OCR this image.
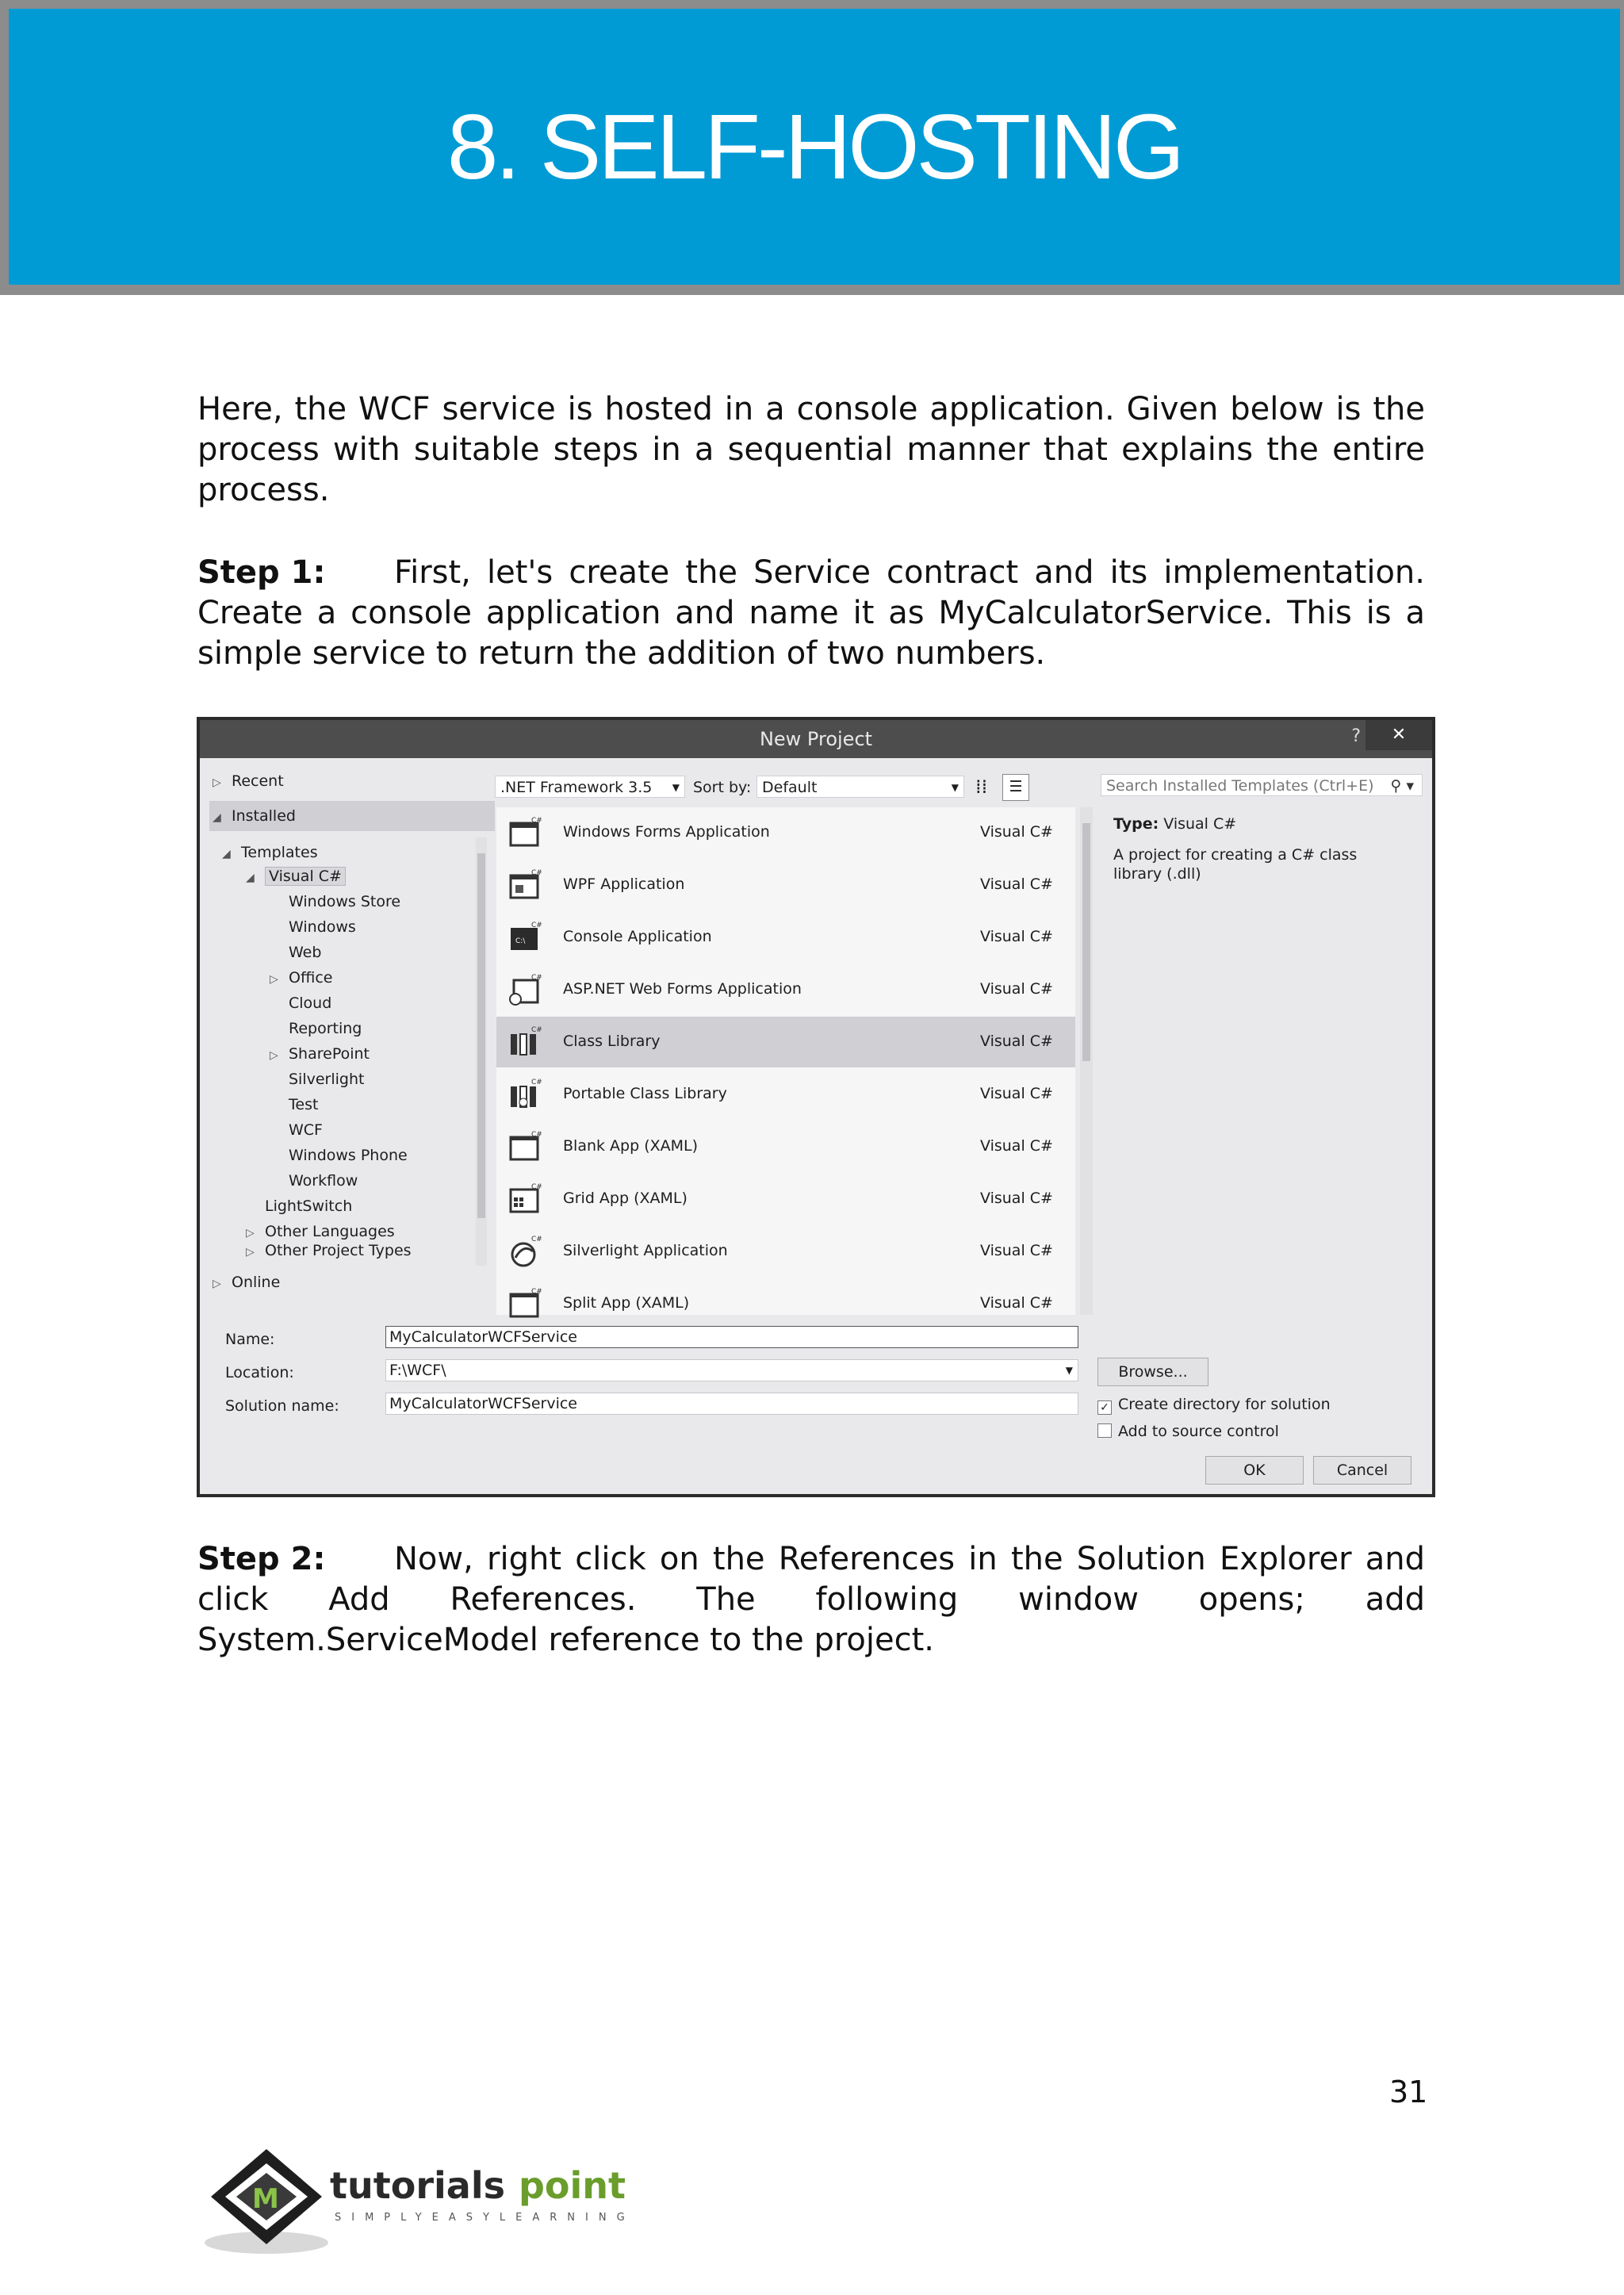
8. SELF-HOSTING
Here, the WCF service is hosted in a console application. Given below is the process with suitable steps in a sequential manner that explains the entire process.
Step 1: First, let's create the Service contract and its implementation. Create a console application and name it as MyCalculatorService. This is a simple service to return the addition of two numbers.
New Project	?	✕
▷ Recent
◢ Installed
◢ Templates
◢ Visual C#
Windows Store
Windows
Web
▷ Office
Cloud
Reporting
▷ SharePoint
Silverlight
Test
WCF
Windows Phone
Workflow
LightSwitch
▷ Other Languages
▷ Other Project Types
▷ Online
.NET Framework 3.5 ▼ Sort by: Default	▼ ⁞⁞	☰	Search Installed Templates (Ctrl+E) ⚲ ▾
C#
Windows Forms Application	Visual C#
C#
WPF Application	Visual C#
C:\
C#
Console Application	Visual C#
C#
ASP.NET Web Forms Application	Visual C#
C#
Class Library	Visual C#
C#
Portable Class Library	Visual C#
C#
Blank App (XAML)	Visual C#
C#
Grid App (XAML)	Visual C#
C#
Silverlight Application	Visual C#
C#
Split App (XAML)	Visual C#
Type: Visual C#
A project for creating a C# class library (.dll)
Name:	MyCalculatorWCFService
Location:	F:\WCF\	▼
Solution name:	MyCalculatorWCFService
Browse...
✓ Create directory for solution
Add to source control
OK	Cancel
Step 2: Now, right click on the References in the Solution Explorer and click Add References. The following window opens; add System.ServiceModel reference to the project.
31
M tutorials point
SIMPLYEASYLEARNING
